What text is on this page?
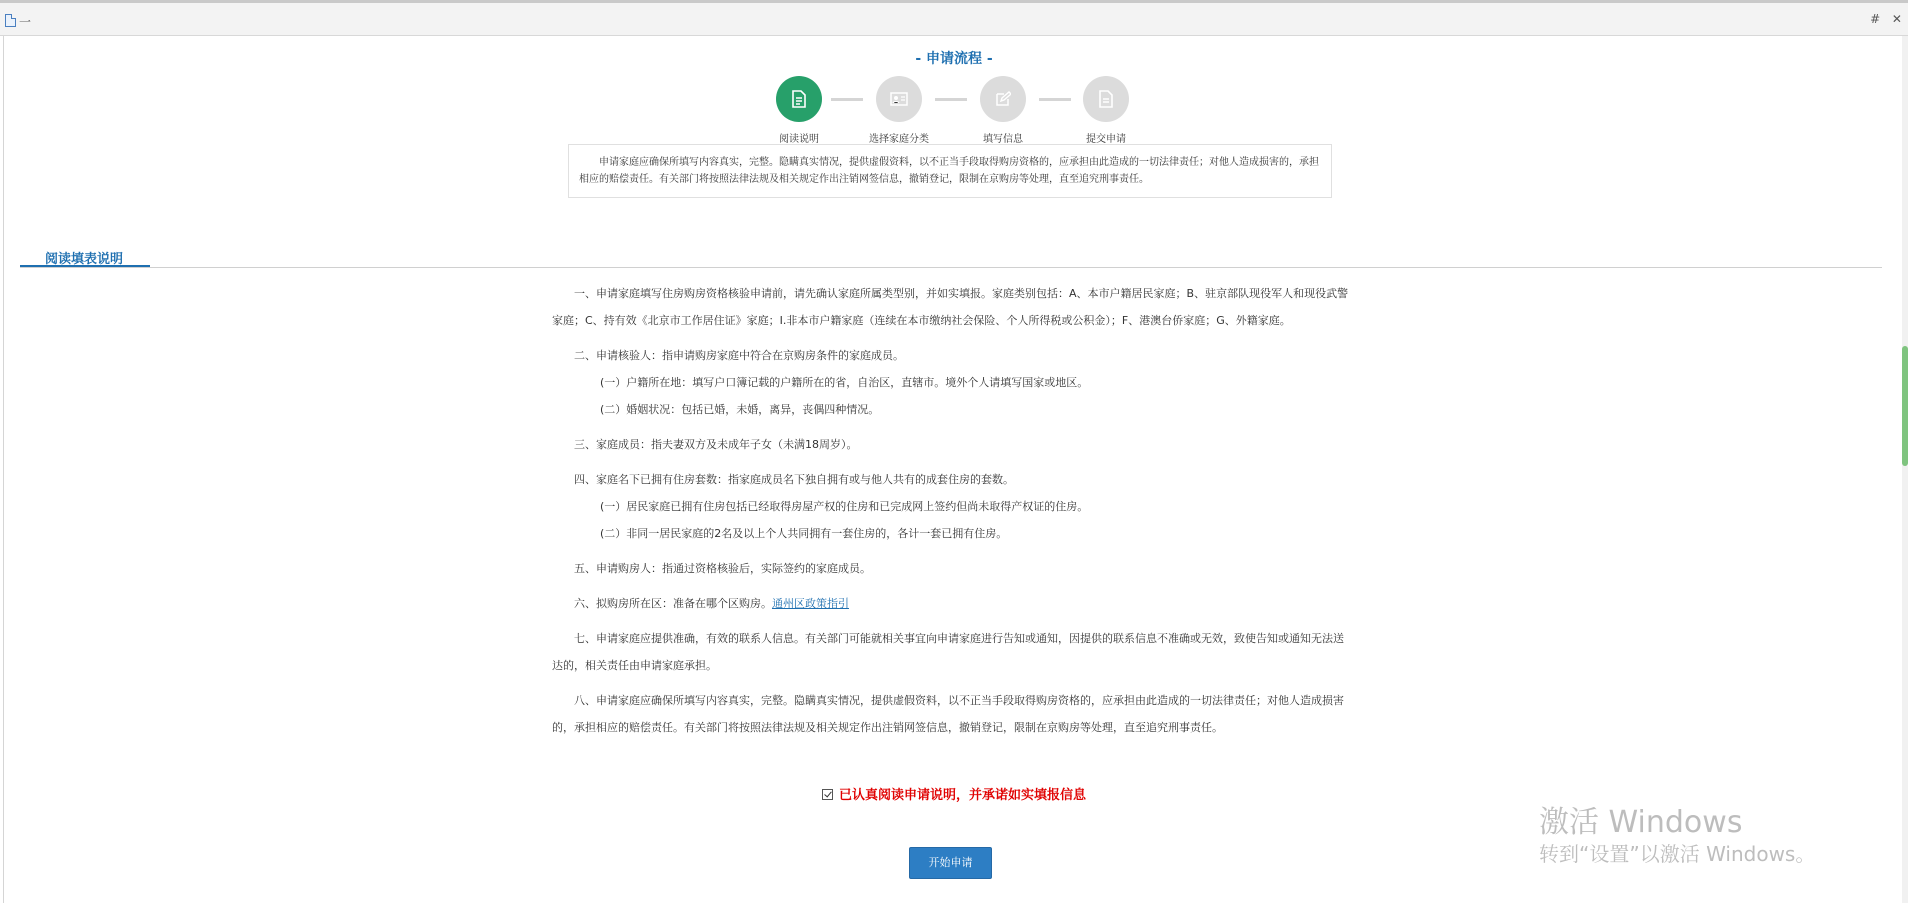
一	# ✕
- 申请流程 -
阅读说明	选择家庭分类	填写信息	提交申请
申请家庭应确保所填写内容真实，完整。隐瞒真实情况，提供虚假资料，以不正当手段取得购房资格的，应承担由此造成的一切法律责任；对他人造成损害的，承担相应的赔偿责任。有关部门将按照法律法规及相关规定作出注销网签信息，撤销登记，限制在京购房等处理，直至追究刑事责任。
阅读填表说明

一、申请家庭填写住房购房资格核验申请前，请先确认家庭所属类型别，并如实填报。家庭类别包括：A、本市户籍居民家庭；B、驻京部队现役军人和现役武警家庭；C、持有效《北京市工作居住证》家庭；I.非本市户籍家庭（连续在本市缴纳社会保险、个人所得税或公积金）；F、港澳台侨家庭；G、外籍家庭。

二、申请核验人：指申请购房家庭中符合在京购房条件的家庭成员。

(一）户籍所在地：填写户口簿记载的户籍所在的省，自治区，直辖市。境外个人请填写国家或地区。

(二）婚姻状况：包括已婚，未婚，离异，丧偶四种情况。

三、家庭成员：指夫妻双方及未成年子女（未满18周岁）。

四、家庭名下已拥有住房套数：指家庭成员名下独自拥有或与他人共有的成套住房的套数。

(一）居民家庭已拥有住房包括已经取得房屋产权的住房和已完成网上签约但尚未取得产权证的住房。

(二）非同一居民家庭的2名及以上个人共同拥有一套住房的，各计一套已拥有住房。

五、申请购房人：指通过资格核验后，实际签约的家庭成员。

六、拟购房所在区：准备在哪个区购房。通州区政策指引

七、申请家庭应提供准确，有效的联系人信息。有关部门可能就相关事宜向申请家庭进行告知或通知，因提供的联系信息不准确或无效，致使告知或通知无法送达的，相关责任由申请家庭承担。

八、申请家庭应确保所填写内容真实，完整。隐瞒真实情况，提供虚假资料，以不正当手段取得购房资格的，应承担由此造成的一切法律责任；对他人造成损害的，承担相应的赔偿责任。有关部门将按照法律法规及相关规定作出注销网签信息，撤销登记，限制在京购房等处理，直至追究刑事责任。

已认真阅读申请说明，并承诺如实填报信息
开始申请
激活 Windows
转到“设置”以激活 Windows。
